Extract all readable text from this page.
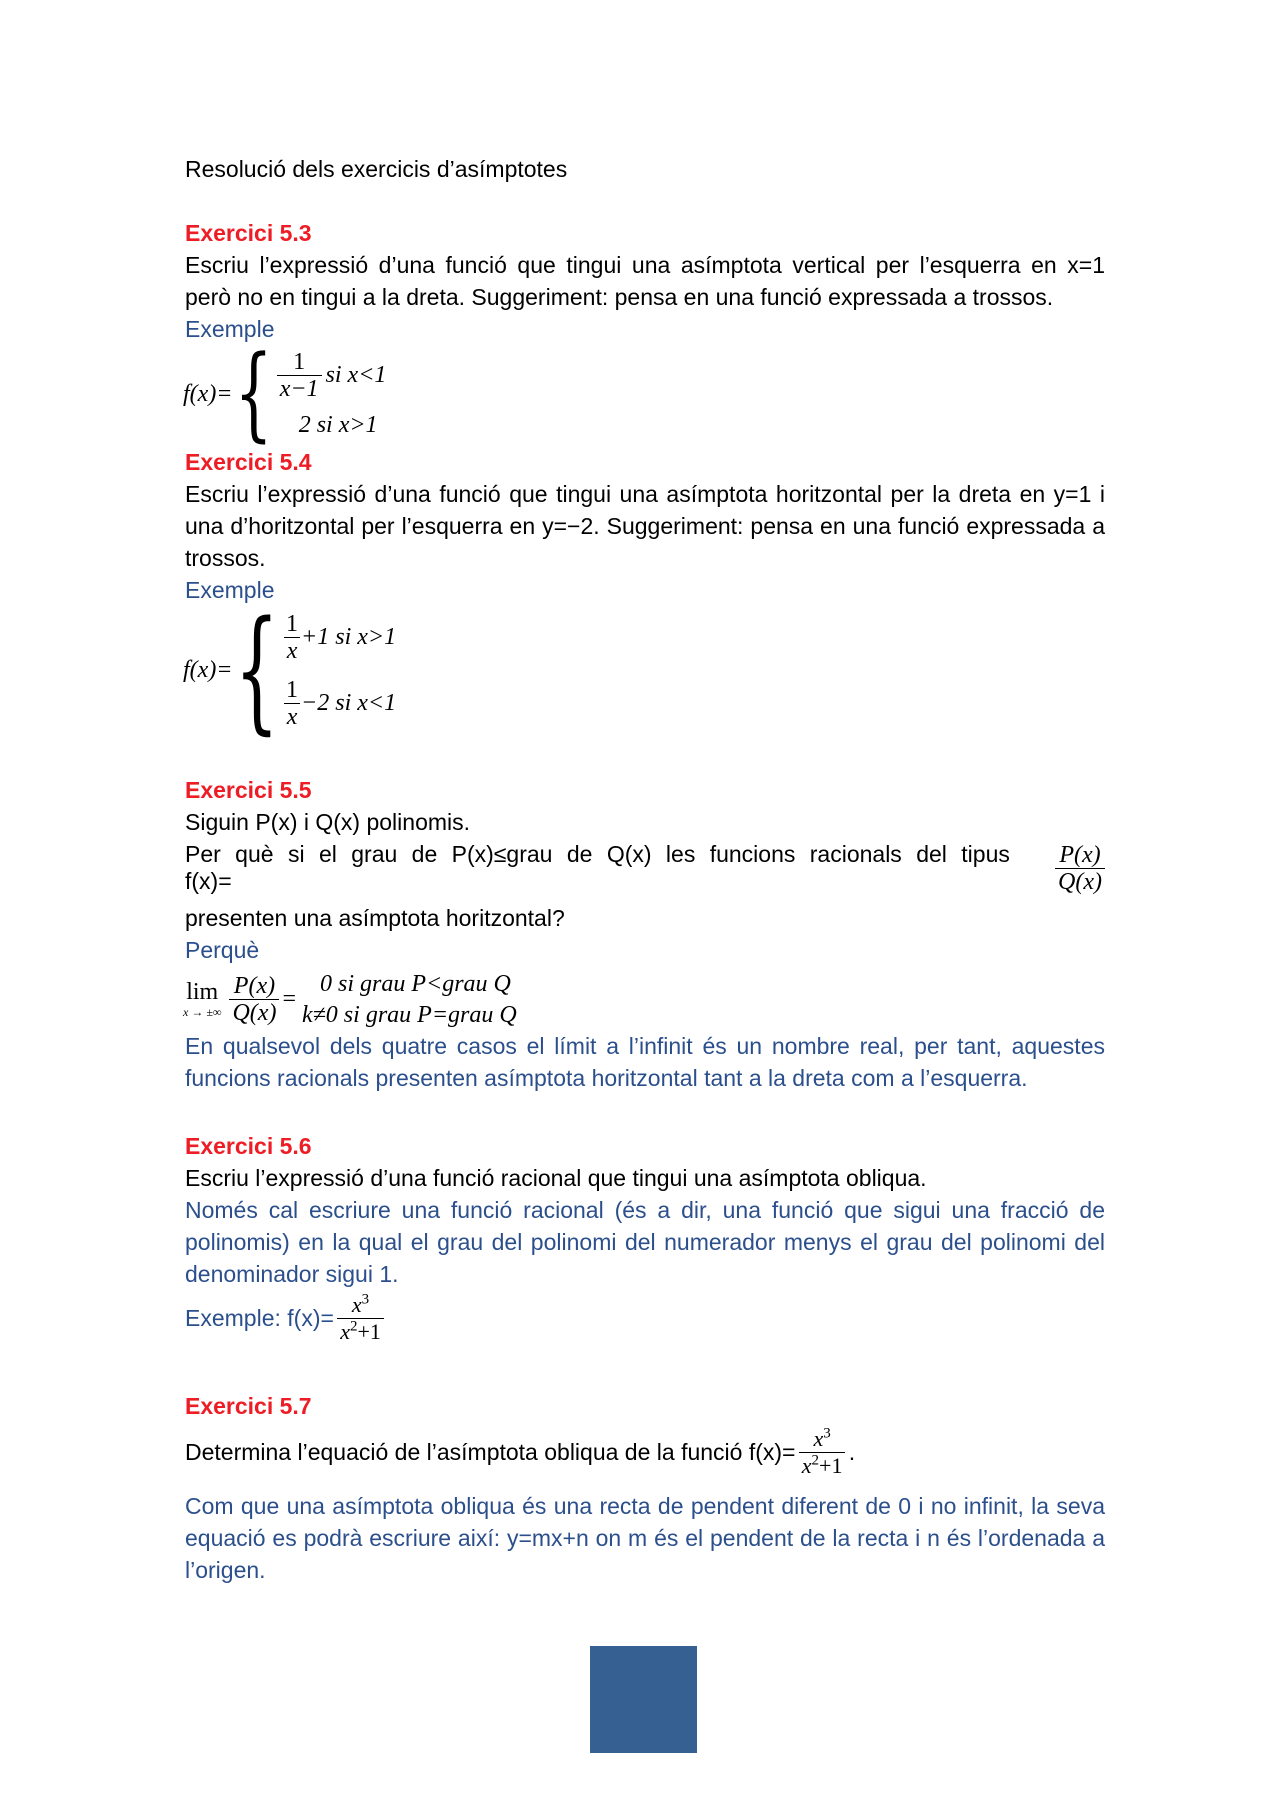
Resolució dels exercicis d’asímptotes

Exercici 5.3

Escriu l’expressió d’una funció que tingui una asímptota vertical per l’esquerra en x=1 però no en tingui a la dreta. Suggeriment: pensa en una funció expressada a trossos.

Exemple

f(x)= { $\frac{1}{x-1}$ si x<1
2 si x>1

Exercici 5.4

Escriu l’expressió d’una funció que tingui una asímptota horitzontal per la dreta en y=1 i una d’horitzontal per l’esquerra en y=−2. Suggeriment: pensa en una funció expressada a trossos.

Exemple

f(x)= { $\frac{1}{x} +1$ si x>1
$\frac{1}{x} -2$ si x<1

Exercici 5.5

Siguin P(x) i Q(x) polinomis.

Per què si el grau de P(x)≤grau de Q(x) les funcions racionals del tipus f(x)=	$\frac{P(x)}{Q(x)}$

presenten una asímptota horitzontal?

Perquè

lim
x → ±∞ $\frac{P(x)}{Q(x)}$ =
0 si grau P<grau Q
k≠0 si grau P=grau Q

En qualsevol dels quatre casos el límit a l’infinit és un nombre real, per tant, aquestes funcions racionals presenten asímptota horitzontal tant a la dreta com a l’esquerra.

Exercici 5.6

Escriu l’expressió d’una funció racional que tingui una asímptota obliqua.

Només cal escriure una funció racional (és a dir, una funció que sigui una fracció de polinomis) en la qual el grau del polinomi del numerador menys el grau del polinomi del denominador sigui 1.

Exemple: $f(x)= \frac{x^3}{x^2+1}$

Exercici 5.7

Determina l’equació de l’asímptota obliqua de la funció $f(x)= \frac{x^3}{x^2+1}$ .

Com que una asímptota obliqua és una recta de pendent diferent de 0 i no infinit, la seva equació es podrà escriure així: y=mx+n on m és el pendent de la recta i n és l’ordenada a l’origen.
